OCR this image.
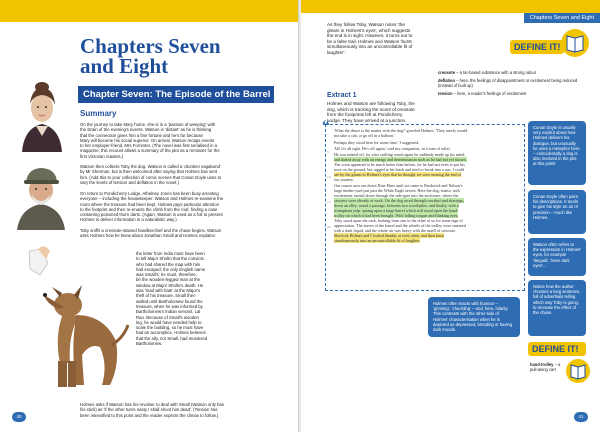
Chapters Seven
and Eight
Chapter Seven: The Episode of the Barrel
Summary
On the journey to take Mary home, she is in a 'passion of weeping' with
the strain of the evening's events. Watson is 'distant' as he is thinking
that the connection gives him a fine fortune and he's far because
Mary will become his social superior. On arrival, Watson recaps events
to her employer-friend, Mrs Forrester. (The novel was first serialised in a
magazine; this recount allows a summary of the plot as a reminder for the
first Victorian readers.)
Watson then collects Toby the dog. Watson is called a 'drunken vagabond'
by Mr Sherman, but is then welcomed after saying that Holmes has sent
him. (Add this to your collection of comic scenes that Conan Doyle uses to
vary the levels of tension and deflation in the novel.)
On return to Pondicherry Lodge, Athelney Jones has been busy arresting
everyone – including the housekeeper. Watson and Holmes re-examine the
room where the treasure had been kept. Holmes pays particular attention
to the footprint and then re-enacts the climb from the roof, finding a case
containing poisoned thorn darts. (Again, Watson is used as a foil to present
Holmes to deliver information in a naturalistic way.)
Toby sniffs a creosote-stained handkerchief and the chase begins. Watson
asks Holmes how he knew about Jonathan Small and Holmes explains:
the letter from India must have been
to tell Major Sholto that the convicts
who had shared the map with him
had escaped; the only English name
was Small's; he must, therefore,
be the wooden-legged man at the
window at Major Sholto's death. He
was 'mad with hate' at the Major's
theft of his treasure. Small then
walled until Bartholomew found the
treasure, when he was informed by
Bartholomew's Indian servant, Lal
Rao. Because of Small's wooden
leg, he would have needed help to
scale the building, so he must have
had an accomplice. Holmes believes
that the ally, not Small, had murdered
Bartholomew.
Holmes asks if Watson has his revolver to deal with Small (Watson only has
his stick) as 'if the other turns nasty I shall shoot him dead'. (Tension has
been intensified to this point and the reader expects the climax to follow.)
40
Chapters Seven and Eight
41
As they follow Toby, Watson notes 'the
gleam in Holmes's eyes', which suggests
the end is in sight. However, it turns out to
be a false trail. Holmes and Watson 'burst
simultaneously into an uncontrollable fit of
laughter'.
Extract 1
Holmes and Watson are following Toby, the
dog, which is tracking the scent of creosote
from the footprints left at Pondicherry
Lodge. They have arrived at a junction.
“ 'What the deuce is the matter with the dog?' growled Holmes. 'They surely would
not take a cab, or go off in a balloon.'
Perhaps they stood here for some time,' I suggested.
Ah! it's all right. He's off again,' said my companion, in a tone of relief.
He was indeed off, for after sniffing round again he suddenly made up his mind,
and darted away with an energy and determination such as he had not yet shown.
The scent appeared to be much hotter than before, for he had not even to put his
nose on the ground, but tugged at his leash and tried to break into a run. I could
see by the gleam in Holmes's eyes that he thought we were nearing the end of
our journey.
Our course now ran down Nine Elms until we came to Broderick and Nelson's
large timber-yard just past the White Eagle tavern. Here the dog, frantic with
excitement, turned down through the side-gate into the enclosure, where the
sawyers were already at work. On the dog raced through sawdust and shavings,
down an alley, round a passage, between two wood-piles, and finally, with a
triumphant yelp, sprang upon a large barrel which still stood upon the hand-
trolley on which it had been brought. With lolling tongue and blinking eyes,
Toby stood upon the cask, looking from one to the other of us for some sign of
appreciation. The staves of the barrel and the wheels of the trolley were smeared
with a dark liquid, and the whole air was heavy with the smell of creosote.
Sherlock Holmes and I looked blankly at each other, and then burst
simultaneously into an uncontrollable fit of laughter.
5
10
15
20
DEFINE IT!
creosote – a tar-based substance with a strong odour
deflation – here, the feelings of disappointment or excitement being reduced (instead of built up)
tension – here, a reader's feelings of excitement
Conan Doyle is usually very explicit about how Holmes delivers his dialogue, but unusually he uses a metaphor here – coincidentally a dog is also involved in the plot at this point!
Conan Doyle often pairs his descriptions. It tends to give his style an air of precision – much like Holmes.
Watson often refers to the expression in Holmes' eyes, for example 'languid', 'keen dark eyes'...
Notice how the author chooses a long sentence, full of adverbials telling which way Toby is going, to recreate the effect of the chase.
Holmes often reacts with humour – 'grinning', 'chuckling' – and, here, hilarity. This contrasts with the other side of Holmes' characterisation when he is depicted as depressed, brooding or having dark moods.
DEFINE IT!
hand-trolley – a pull-along cart
